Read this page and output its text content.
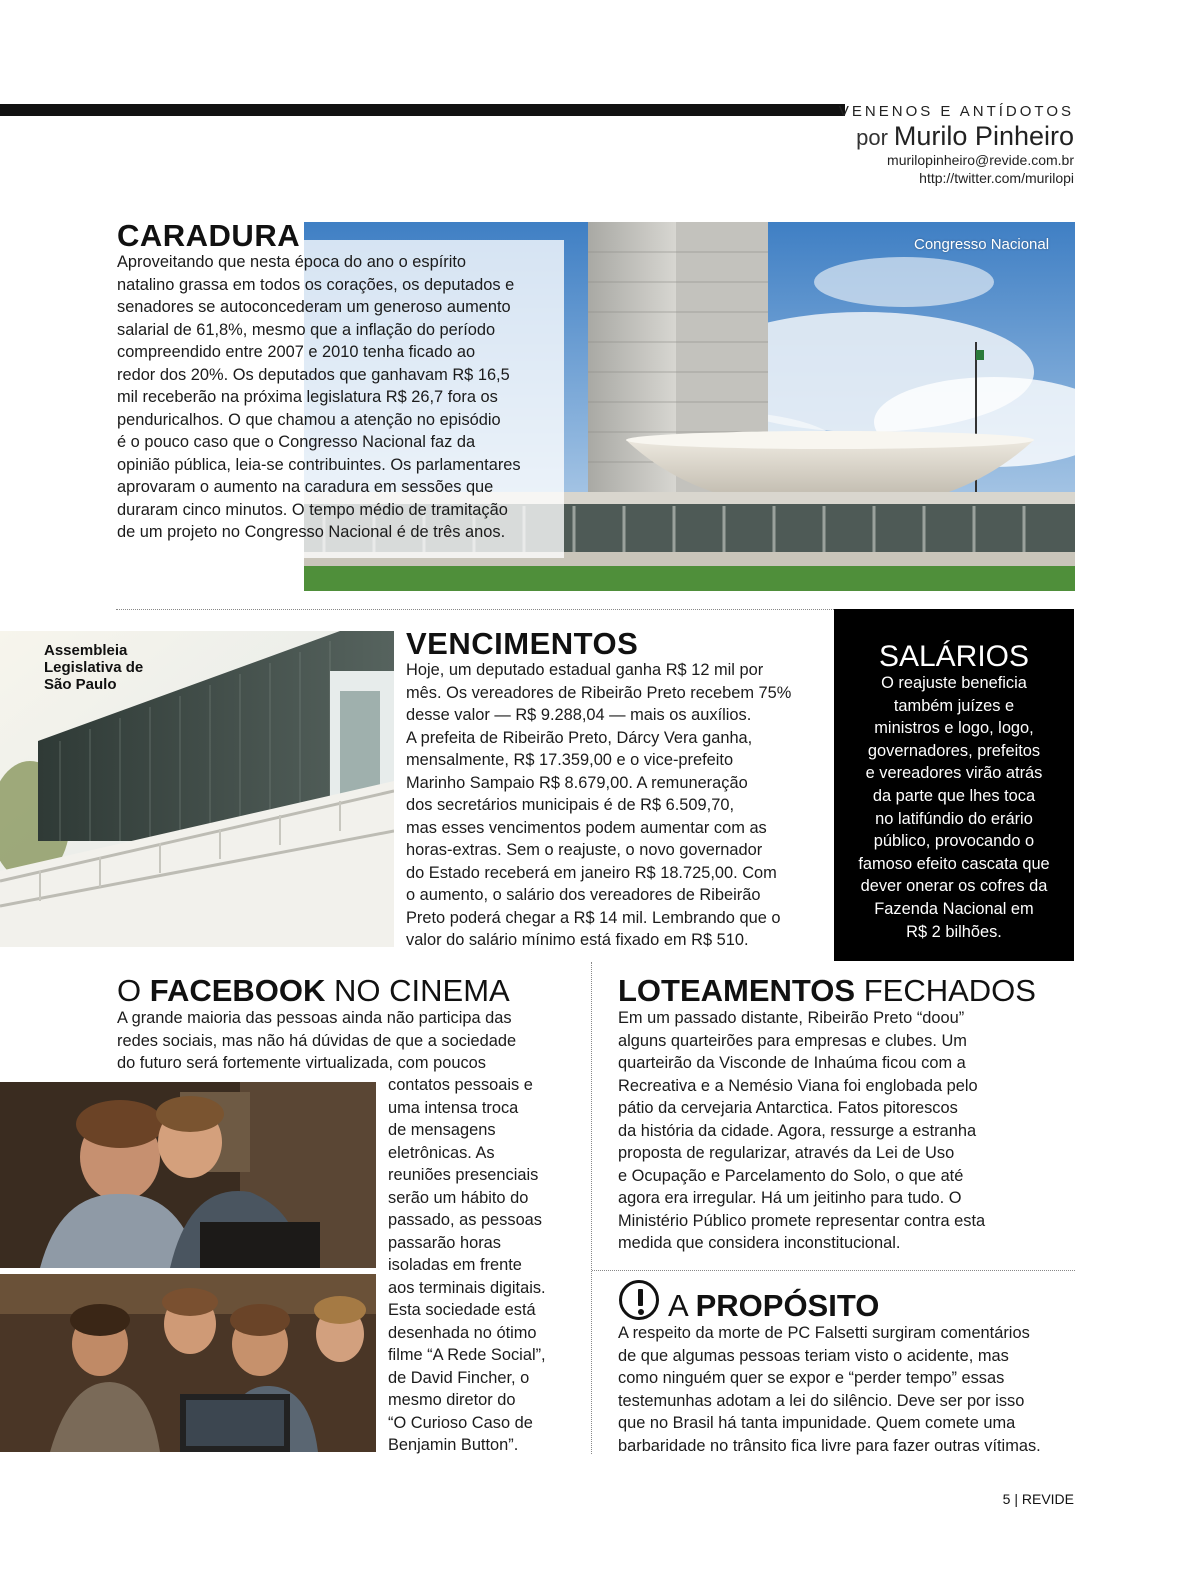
VENENOS E ANTÍDOTOS
por Murilo Pinheiro
murilopinheiro@revide.com.br
http://twitter.com/murilopi
Congresso Nacional
CARADURA
Aproveitando que nesta época do ano o espírito
natalino grassa em todos os corações, os deputados e
senadores se autoconcederam um generoso aumento
salarial de 61,8%, mesmo que a inflação do período
compreendido entre 2007 e 2010 tenha ficado ao
redor dos 20%. Os deputados que ganhavam R$ 16,5
mil receberão na próxima legislatura R$ 26,7 fora os
penduricalhos. O que chamou a atenção no episódio
é o pouco caso que o Congresso Nacional faz da
opinião pública, leia-se contribuintes. Os parlamentares
aprovaram o aumento na caradura em sessões que
duraram cinco minutos. O tempo médio de tramitação
de um projeto no Congresso Nacional é de três anos.
Assembleia
Legislativa de
São Paulo
VENCIMENTOS
Hoje, um deputado estadual ganha R$ 12 mil por
mês. Os vereadores de Ribeirão Preto recebem 75%
desse valor — R$ 9.288,04 — mais os auxílios.
A prefeita de Ribeirão Preto, Dárcy Vera ganha,
mensalmente, R$ 17.359,00 e o vice-prefeito
Marinho Sampaio R$ 8.679,00. A remuneração
dos secretários municipais é de R$ 6.509,70,
mas esses vencimentos podem aumentar com as
horas-extras. Sem o reajuste, o novo governador
do Estado receberá em janeiro R$ 18.725,00. Com
o aumento, o salário dos vereadores de Ribeirão
Preto poderá chegar a R$ 14 mil. Lembrando que o
valor do salário mínimo está fixado em R$ 510.
SALÁRIOS
O reajuste beneficia
também juízes e
ministros e logo, logo,
governadores, prefeitos
e vereadores virão atrás
da parte que lhes toca
no latifúndio do erário
público, provocando o
famoso efeito cascata que
dever onerar os cofres da
Fazenda Nacional em
R$ 2 bilhões.
O FACEBOOK NO CINEMA
A grande maioria das pessoas ainda não participa das
redes sociais, mas não há dúvidas de que a sociedade
do futuro será fortemente virtualizada, com poucos
contatos pessoais e
uma intensa troca
de mensagens
eletrônicas. As
reuniões presenciais
serão um hábito do
passado, as pessoas
passarão horas
isoladas em frente
aos terminais digitais.
Esta sociedade está
desenhada no ótimo
filme “A Rede Social”,
de David Fincher, o
mesmo diretor do
“O Curioso Caso de
Benjamin Button”.
LOTEAMENTOS FECHADOS
Em um passado distante, Ribeirão Preto “doou”
alguns quarteirões para empresas e clubes. Um
quarteirão da Visconde de Inhaúma ficou com a
Recreativa e a Nemésio Viana foi englobada pelo
pátio da cervejaria Antarctica. Fatos pitorescos
da história da cidade. Agora, ressurge a estranha
proposta de regularizar, através da Lei de Uso
e Ocupação e Parcelamento do Solo, o que até
agora era irregular. Há um jeitinho para tudo. O
Ministério Público promete representar contra esta
medida que considera inconstitucional.
A PROPÓSITO
A respeito da morte de PC Falsetti surgiram comentários
de que algumas pessoas teriam visto o acidente, mas
como ninguém quer se expor e “perder tempo” essas
testemunhas adotam a lei do silêncio. Deve ser por isso
que no Brasil há tanta impunidade. Quem comete uma
barbaridade no trânsito fica livre para fazer outras vítimas.
5 | REVIDE
